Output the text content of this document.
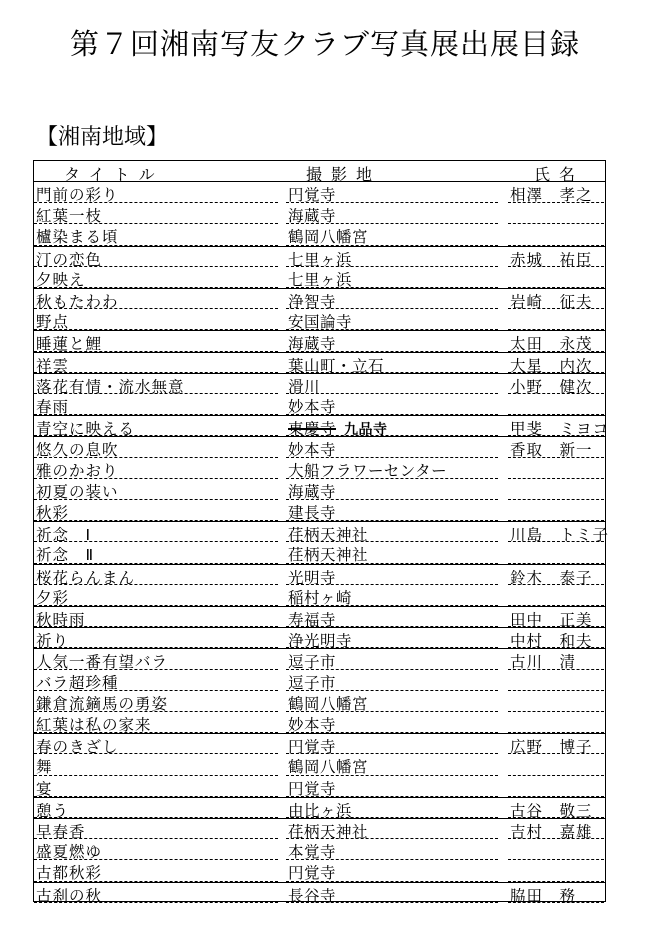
第７回湘南写友クラブ写真展出展目録
【湘南地域】
タイトル	撮影地	氏名
門前の彩り	円覚寺	相澤　孝之
紅葉一枝	海蔵寺
櫨染まる頃	鶴岡八幡宮
汀の恋色	七里ヶ浜	赤城　祐臣
夕映え	七里ヶ浜
秋もたわわ	浄智寺	岩崎　征夫
野点	安国論寺
睡蓮と鯉	海蔵寺	太田　永茂
祥雲	葉山町・立石	大星　内次
落花有情・流水無意	滑川	小野　健次
春雨	妙本寺
青空に映える	東慶寺 九品寺	甲斐　ミヨコ
悠久の息吹	妙本寺	香取　新一
雅のかおり	大船フラワーセンター
初夏の装い	海蔵寺
秋彩	建長寺
祈念　Ⅰ	荏柄天神社	川島　トミ子
祈念　Ⅱ	荏柄天神社
桜花らんまん	光明寺	鈴木　泰子
夕彩	稲村ヶ崎
秋時雨	寿福寺	田中　正美
祈り	浄光明寺	中村　和夫
人気一番有望バラ	逗子市	古川　清
バラ超珍種	逗子市
鎌倉流鏑馬の勇姿	鶴岡八幡宮
紅葉は私の家来	妙本寺
春のきざし	円覚寺	広野　博子
舞	鶴岡八幡宮
宴	円覚寺
憩う	由比ヶ浜	古谷　敬三
早春香	荏柄天神社	吉村　嘉雄
盛夏燃ゆ	本覚寺
古都秋彩	円覚寺
古刹の秋	長谷寺	脇田　務
